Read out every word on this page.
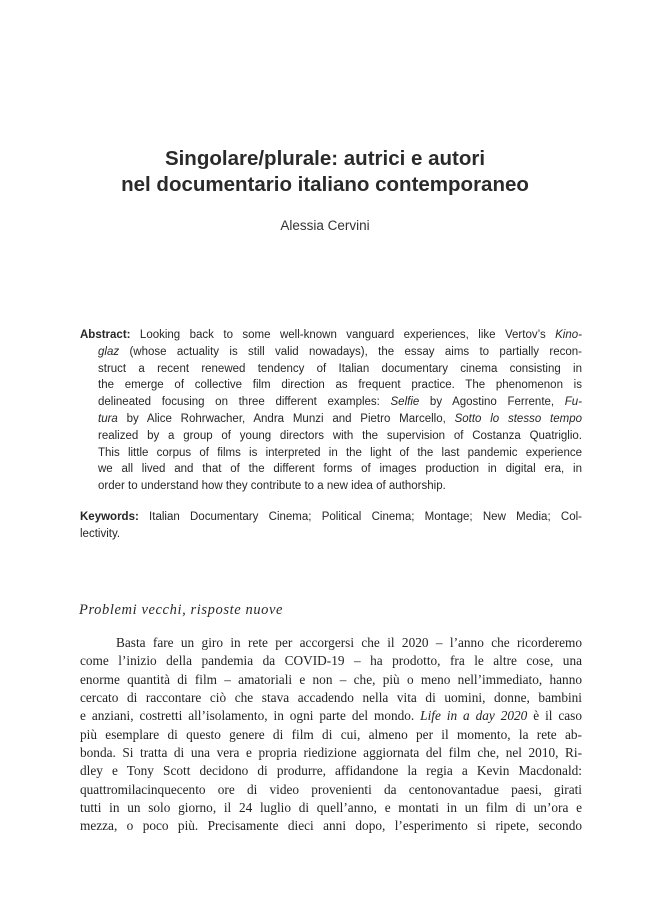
Singolare/plurale: autrici e autori
nel documentario italiano contemporaneo
Alessia Cervini
Abstract: Looking back to some well-known vanguard experiences, like Vertov’s Kino-
glaz (whose actuality is still valid nowadays), the essay aims to partially recon-
struct a recent renewed tendency of Italian documentary cinema consisting in
the emerge of collective film direction as frequent practice. The phenomenon is
delineated focusing on three different examples: Selfie by Agostino Ferrente, Fu-
tura by Alice Rohrwacher, Andra Munzi and Pietro Marcello, Sotto lo stesso tempo
realized by a group of young directors with the supervision of Costanza Quatriglio.
This little corpus of films is interpreted in the light of the last pandemic experience
we all lived and that of the different forms of images production in digital era, in
order to understand how they contribute to a new idea of authorship.
Keywords: Italian Documentary Cinema; Political Cinema; Montage; New Media; Col-
lectivity.
Problemi vecchi, risposte nuove
Basta fare un giro in rete per accorgersi che il 2020 – l’anno che ricorderemo
come l’inizio della pandemia da COVID-19 – ha prodotto, fra le altre cose, una
enorme quantità di film – amatoriali e non – che, più o meno nell’immediato, hanno
cercato di raccontare ciò che stava accadendo nella vita di uomini, donne, bambini
e anziani, costretti all’isolamento, in ogni parte del mondo. Life in a day 2020 è il caso
più esemplare di questo genere di film di cui, almeno per il momento, la rete ab-
bonda. Si tratta di una vera e propria riedizione aggiornata del film che, nel 2010, Ri-
dley e Tony Scott decidono di produrre, affidandone la regia a Kevin Macdonald:
quattromilacinquecento ore di video provenienti da centonovantadue paesi, girati
tutti in un solo giorno, il 24 luglio di quell’anno, e montati in un film di un’ora e
mezza, o poco più. Precisamente dieci anni dopo, l’esperimento si ripete, secondo
